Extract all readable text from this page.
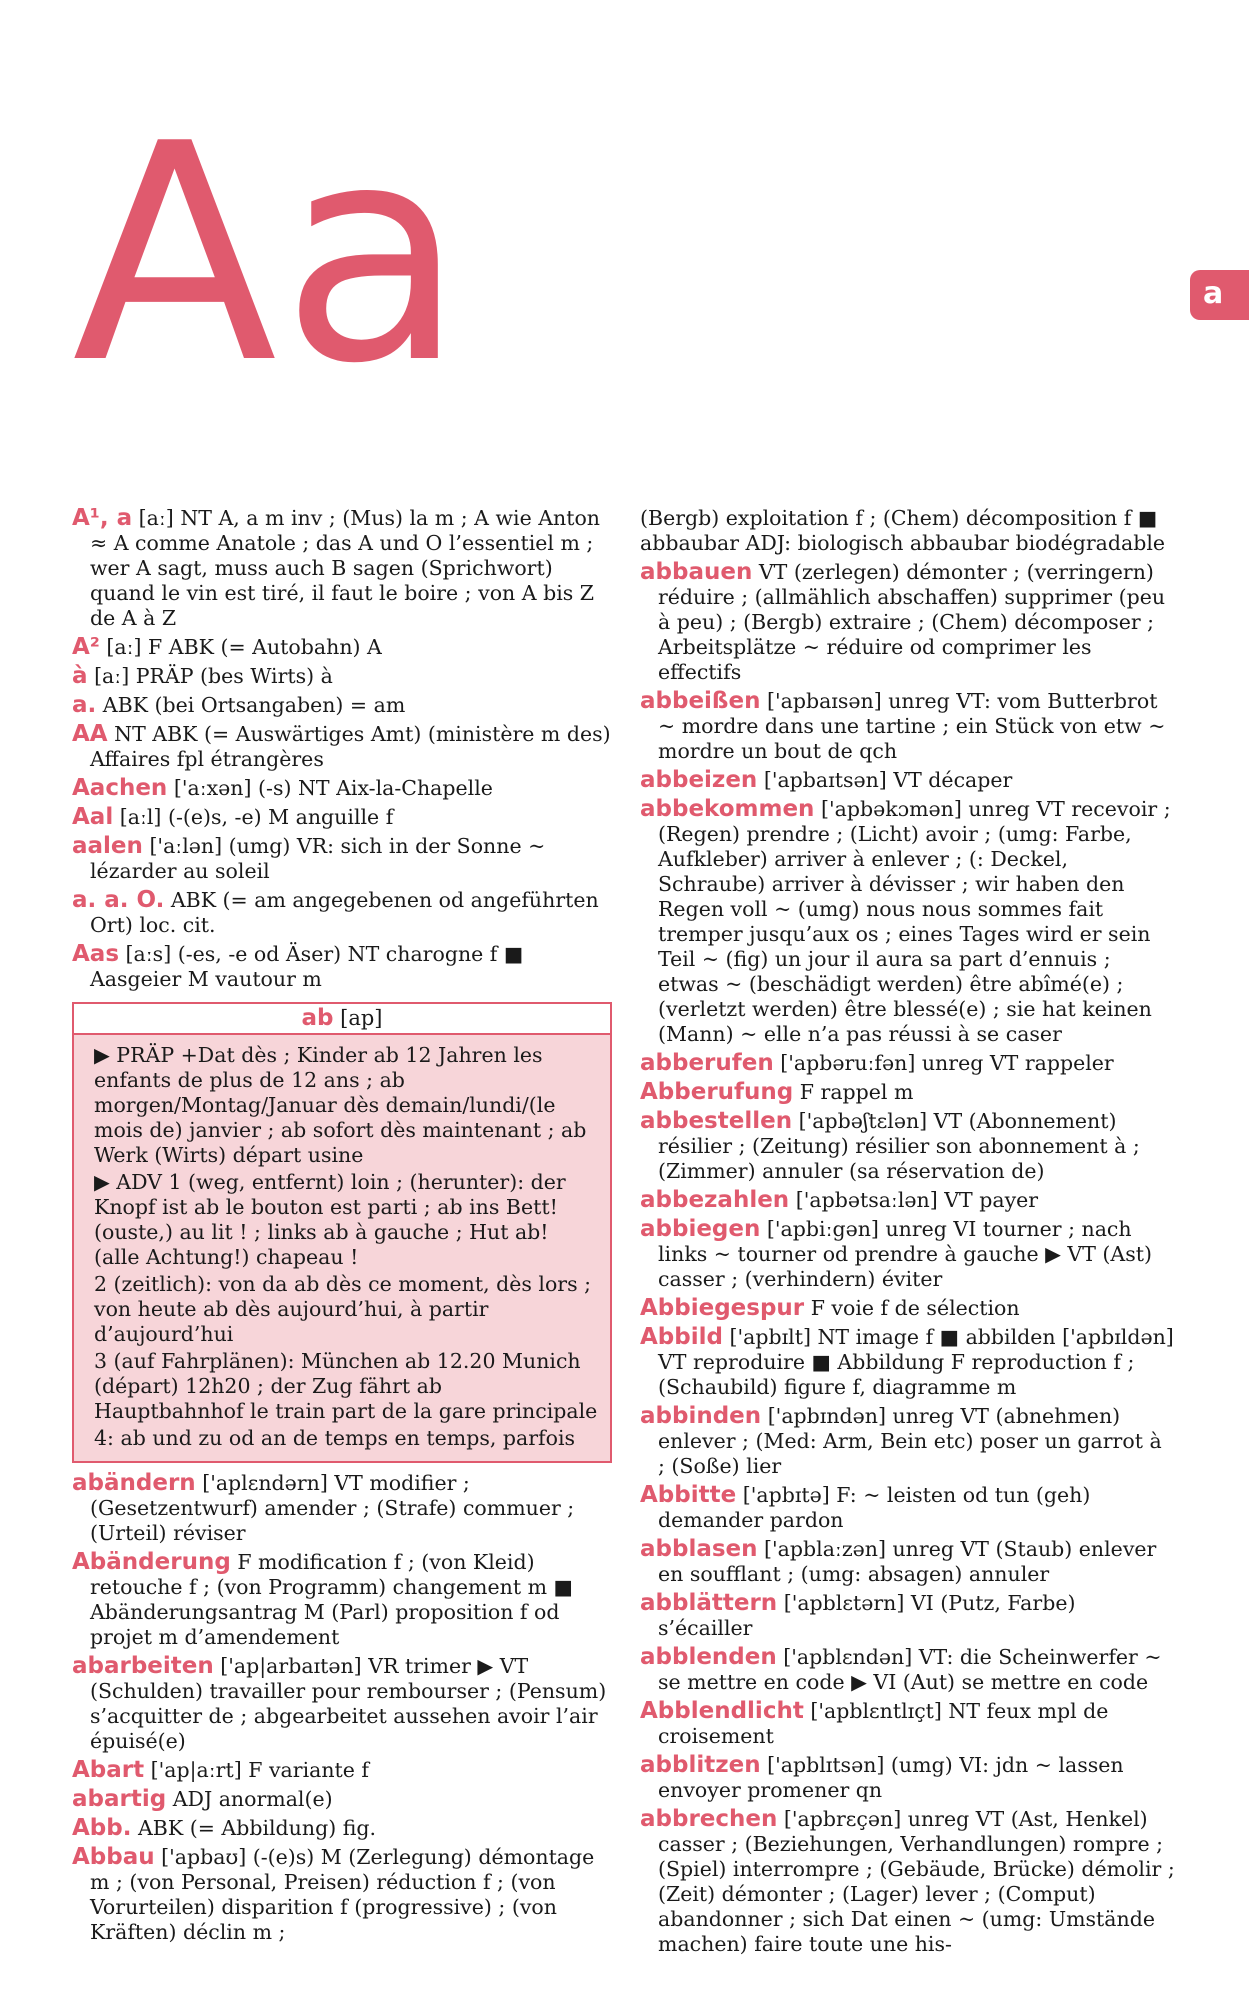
Aa	a

A¹, a [aː] NT A, a m inv ; (Mus) la m ; A wie Anton ≈ A comme Anatole ; das A und O l’essentiel m ; wer A sagt, muss auch B sagen (Sprichwort) quand le vin est tiré, il faut le boire ; von A bis Z de A à Z

A² [aː] F ABK (= Autobahn) A

à [aː] PRÄP (bes Wirts) à

a. ABK (bei Ortsangaben) = am

AA NT ABK (= Auswärtiges Amt) (ministère m des) Affaires fpl étrangères

Aachen ['aːxən] (-s) NT Aix-la-Chapelle

Aal [aːl] (-(e)s, -e) M anguille f

aalen ['aːlən] (umg) VR: sich in der Sonne ~ lézarder au soleil

a. a. O. ABK (= am angegebenen od angeführten Ort) loc. cit.

Aas [aːs] (-es, -e od Äser) NT charogne f ■ Aasgeier M vautour m

ab [ap]
▶ PRÄP +Dat dès ; Kinder ab 12 Jahren les enfants de plus de 12 ans ; ab morgen/Montag/Januar dès demain/lundi/(le mois de) janvier ; ab sofort dès maintenant ; ab Werk (Wirts) départ usine
▶ ADV 1 (weg, entfernt) loin ; (herunter): der Knopf ist ab le bouton est parti ; ab ins Bett! (ouste,) au lit ! ; links ab à gauche ; Hut ab! (alle Achtung!) chapeau !
2 (zeitlich): von da ab dès ce moment, dès lors ; von heute ab dès aujourd’hui, à partir d’aujourd’hui
3 (auf Fahrplänen): München ab 12.20 Munich (départ) 12h20 ; der Zug fährt ab Hauptbahnhof le train part de la gare principale
4: ab und zu od an de temps en temps, parfois

abändern ['aplɛndərn] VT modifier ; (Gesetzentwurf) amender ; (Strafe) commuer ; (Urteil) réviser

Abänderung F modification f ; (von Kleid) retouche f ; (von Programm) changement m ■ Abänderungsantrag M (Parl) proposition f od projet m d’amendement

abarbeiten ['ap|arbaɪtən] VR trimer ▶ VT (Schulden) travailler pour rembourser ; (Pensum) s’acquitter de ; abgearbeitet aussehen avoir l’air épuisé(e)

Abart ['ap|aːrt] F variante f

abartig ADJ anormal(e)

Abb. ABK (= Abbildung) fig.

Abbau ['apbaʊ] (-(e)s) M (Zerlegung) démontage m ; (von Personal, Preisen) réduction f ; (von Vorurteilen) disparition f (progressive) ; (von Kräften) déclin m ;

(Bergb) exploitation f ; (Chem) décomposition f ■ abbaubar ADJ: biologisch abbaubar biodégradable

abbauen VT (zerlegen) démonter ; (verringern) réduire ; (allmählich abschaffen) supprimer (peu à peu) ; (Bergb) extraire ; (Chem) décomposer ; Arbeitsplätze ~ réduire od comprimer les effectifs

abbeißen ['apbaɪsən] unreg VT: vom Butterbrot ~ mordre dans une tartine ; ein Stück von etw ~ mordre un bout de qch

abbeizen ['apbaɪtsən] VT décaper

abbekommen ['apbəkɔmən] unreg VT recevoir ; (Regen) prendre ; (Licht) avoir ; (umg: Farbe, Aufkleber) arriver à enlever ; (: Deckel, Schraube) arriver à dévisser ; wir haben den Regen voll ~ (umg) nous nous sommes fait tremper jusqu’aux os ; eines Tages wird er sein Teil ~ (fig) un jour il aura sa part d’ennuis ; etwas ~ (beschädigt werden) être abîmé(e) ; (verletzt werden) être blessé(e) ; sie hat keinen (Mann) ~ elle n’a pas réussi à se caser

abberufen ['apbəruːfən] unreg VT rappeler

Abberufung F rappel m

abbestellen ['apbəʃtɛlən] VT (Abonnement) résilier ; (Zeitung) résilier son abonnement à ; (Zimmer) annuler (sa réservation de)

abbezahlen ['apbətsaːlən] VT payer

abbiegen ['apbiːgən] unreg VI tourner ; nach links ~ tourner od prendre à gauche ▶ VT (Ast) casser ; (verhindern) éviter

Abbiegespur F voie f de sélection

Abbild ['apbɪlt] NT image f ■ abbilden ['apbɪldən] VT reproduire ■ Abbildung F reproduction f ; (Schaubild) figure f, diagramme m

abbinden ['apbɪndən] unreg VT (abnehmen) enlever ; (Med: Arm, Bein etc) poser un garrot à ; (Soße) lier

Abbitte ['apbɪtə] F: ~ leisten od tun (geh) demander pardon

abblasen ['apblaːzən] unreg VT (Staub) enlever en soufflant ; (umg: absagen) annuler

abblättern ['apblɛtərn] VI (Putz, Farbe) s’écailler

abblenden ['apblɛndən] VT: die Scheinwerfer ~ se mettre en code ▶ VI (Aut) se mettre en code

Abblendlicht ['apblɛntlɪçt] NT feux mpl de croisement

abblitzen ['apblɪtsən] (umg) VI: jdn ~ lassen envoyer promener qn

abbrechen ['apbrɛçən] unreg VT (Ast, Henkel) casser ; (Beziehungen, Verhandlungen) rompre ; (Spiel) interrompre ; (Gebäude, Brücke) démolir ; (Zeit) démonter ; (Lager) lever ; (Comput) abandonner ; sich Dat einen ~ (umg: Umstände machen) faire toute une his-
